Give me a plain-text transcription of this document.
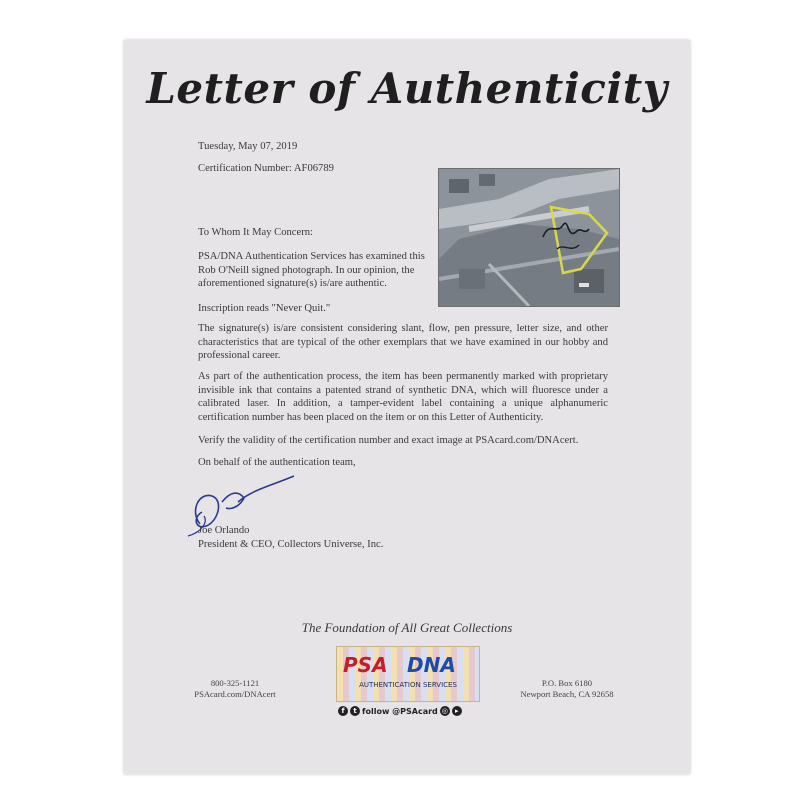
Letter of Authenticity
Tuesday, May 07, 2019
Certification Number: AF06789
To Whom It May Concern:
PSA/DNA Authentication Services has examined this Rob O'Neill signed photograph. In our opinion, the aforementioned signature(s) is/are authentic.
Inscription reads "Never Quit."
The signature(s) is/are consistent considering slant, flow, pen pressure, letter size, and other characteristics that are typical of the other exemplars that we have examined in our hobby and professional career.
As part of the authentication process, the item has been permanently marked with proprietary invisible ink that contains a patented strand of synthetic DNA, which will fluoresce under a calibrated laser. In addition, a tamper-evident label containing a unique alphanumeric certification number has been placed on the item or on this Letter of Authenticity.
Verify the validity of the certification number and exact image at PSAcard.com/DNAcert.
On behalf of the authentication team,
Joe Orlando
President & CEO, Collectors Universe, Inc.
The Foundation of All Great Collections
800-325-1121
PSAcard.com/DNAcert
PSA DNA
AUTHENTICATION SERVICES
f	t follow @PSAcard ◎	▸
P.O. Box 6180
Newport Beach, CA 92658
